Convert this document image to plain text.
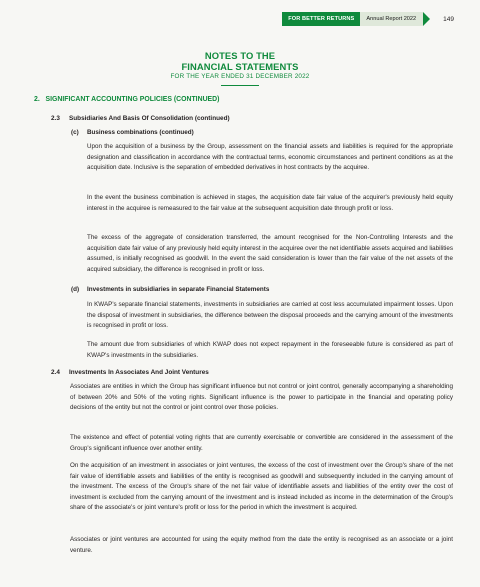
FOR BETTER RETURNS	Annual Report 2022	149
NOTES TO THE
FINANCIAL STATEMENTS
FOR THE YEAR ENDED 31 DECEMBER 2022
2. SIGNIFICANT ACCOUNTING POLICIES (CONTINUED)
2.3 Subsidiaries And Basis Of Consolidation (continued)
(c) Business combinations (continued)

Upon the acquisition of a business by the Group, assessment on the financial assets and liabilities is required for the appropriate designation and classification in accordance with the contractual terms, economic circumstances and pertinent conditions as at the acquisition date. Inclusive is the separation of embedded derivatives in host contracts by the acquiree.

In the event the business combination is achieved in stages, the acquisition date fair value of the acquirer's previously held equity interest in the acquiree is remeasured to the fair value at the subsequent acquisition date through profit or loss.

The excess of the aggregate of consideration transferred, the amount recognised for the Non-Controlling Interests and the acquisition date fair value of any previously held equity interest in the acquiree over the net identifiable assets acquired and liabilities assumed, is initially recognised as goodwill. In the event the said consideration is lower than the fair value of the net assets of the acquired subsidiary, the difference is recognised in profit or loss.

(d) Investments in subsidiaries in separate Financial Statements

In KWAP's separate financial statements, investments in subsidiaries are carried at cost less accumulated impairment losses. Upon the disposal of investment in subsidiaries, the difference between the disposal proceeds and the carrying amount of the investments is recognised in profit or loss.

The amount due from subsidiaries of which KWAP does not expect repayment in the foreseeable future is considered as part of KWAP's investments in the subsidiaries.

2.4 Investments In Associates And Joint Ventures

Associates are entities in which the Group has significant influence but not control or joint control, generally accompanying a shareholding of between 20% and 50% of the voting rights. Significant influence is the power to participate in the financial and operating policy decisions of the entity but not the control or joint control over those policies.

The existence and effect of potential voting rights that are currently exercisable or convertible are considered in the assessment of the Group's significant influence over another entity.

On the acquisition of an investment in associates or joint ventures, the excess of the cost of investment over the Group's share of the net fair value of identifiable assets and liabilities of the entity is recognised as goodwill and subsequently included in the carrying amount of the investment. The excess of the Group's share of the net fair value of identifiable assets and liabilities of the entity over the cost of investment is excluded from the carrying amount of the investment and is instead included as income in the determination of the Group's share of the associate's or joint venture's profit or loss for the period in which the investment is acquired.

Associates or joint ventures are accounted for using the equity method from the date the entity is recognised as an associate or a joint venture.
